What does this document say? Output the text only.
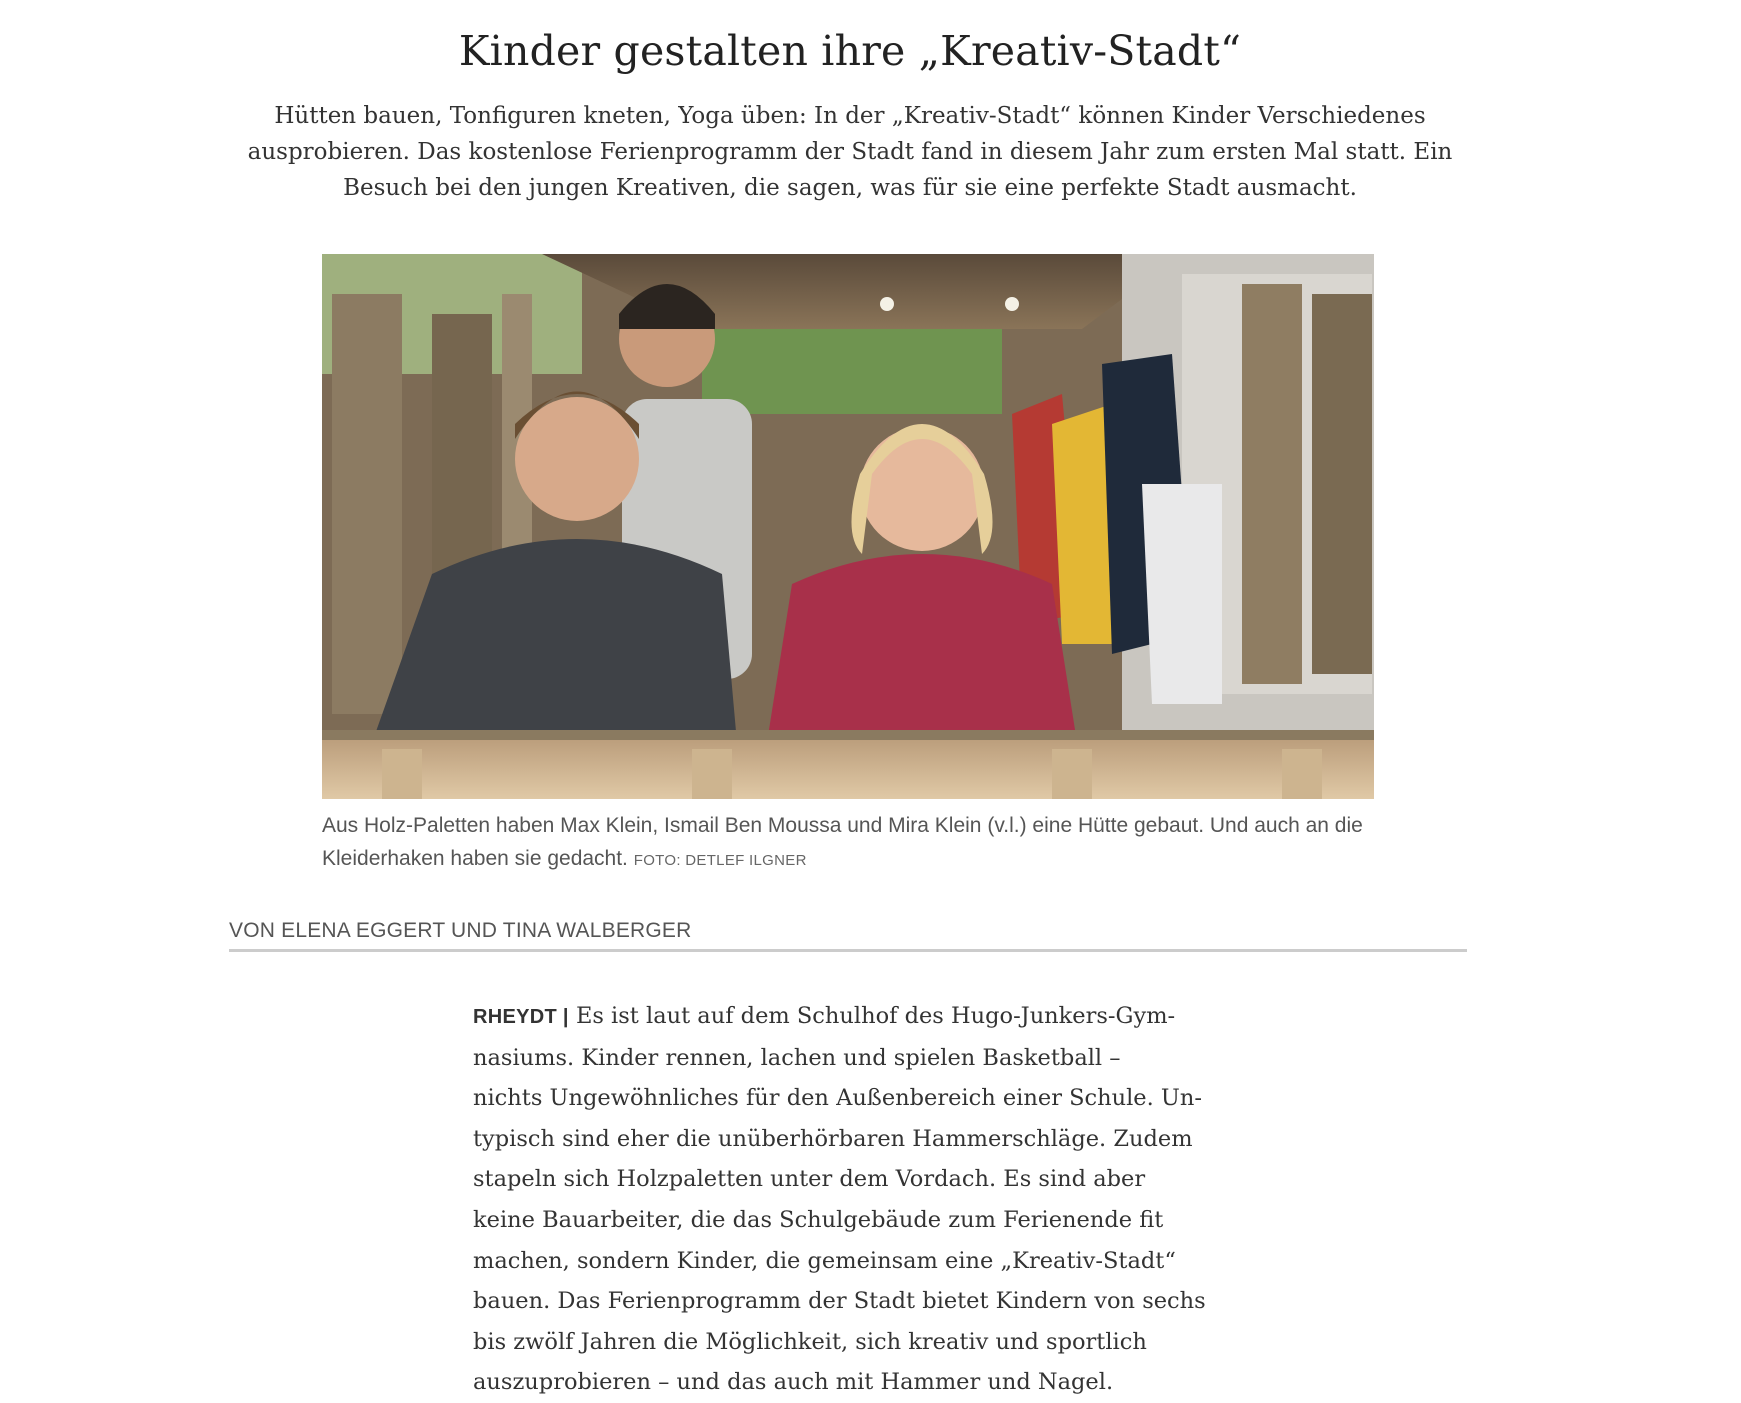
Kinder gestalten ihre „Kreativ-Stadt“

Hütten bauen, Tonfiguren kneten, Yoga üben: In der „Kreativ-Stadt“ können Kinder Verschiedenes ausprobieren. Das kostenlose Ferienprogramm der Stadt fand in diesem Jahr zum ersten Mal statt. Ein Besuch bei den jungen Kreativen, die sagen, was für sie eine perfekte Stadt ausmacht.

Aus Holz-Paletten haben Max Klein, Ismail Ben Moussa und Mira Klein (v.l.) eine Hütte gebaut. Und auch an die Kleiderhaken haben sie gedacht. FOTO: DETLEF ILGNER
VON ELENA EGGERT UND TINA WALBERGER

RHEYDT | Es ist laut auf dem Schulhof des Hugo-Junkers-Gym-
nasiums. Kinder rennen, lachen und spielen Basketball –
nichts Ungewöhnliches für den Außenbereich einer Schule. Un-
typisch sind eher die unüberhörbaren Hammerschläge. Zudem
stapeln sich Holzpaletten unter dem Vordach. Es sind aber
keine Bauarbeiter, die das Schulgebäude zum Ferienende fit
machen, sondern Kinder, die gemeinsam eine „Kreativ-Stadt“
bauen. Das Ferienprogramm der Stadt bietet Kindern von sechs
bis zwölf Jahren die Möglichkeit, sich kreativ und sportlich
auszuprobieren – und das auch mit Hammer und Nagel.
